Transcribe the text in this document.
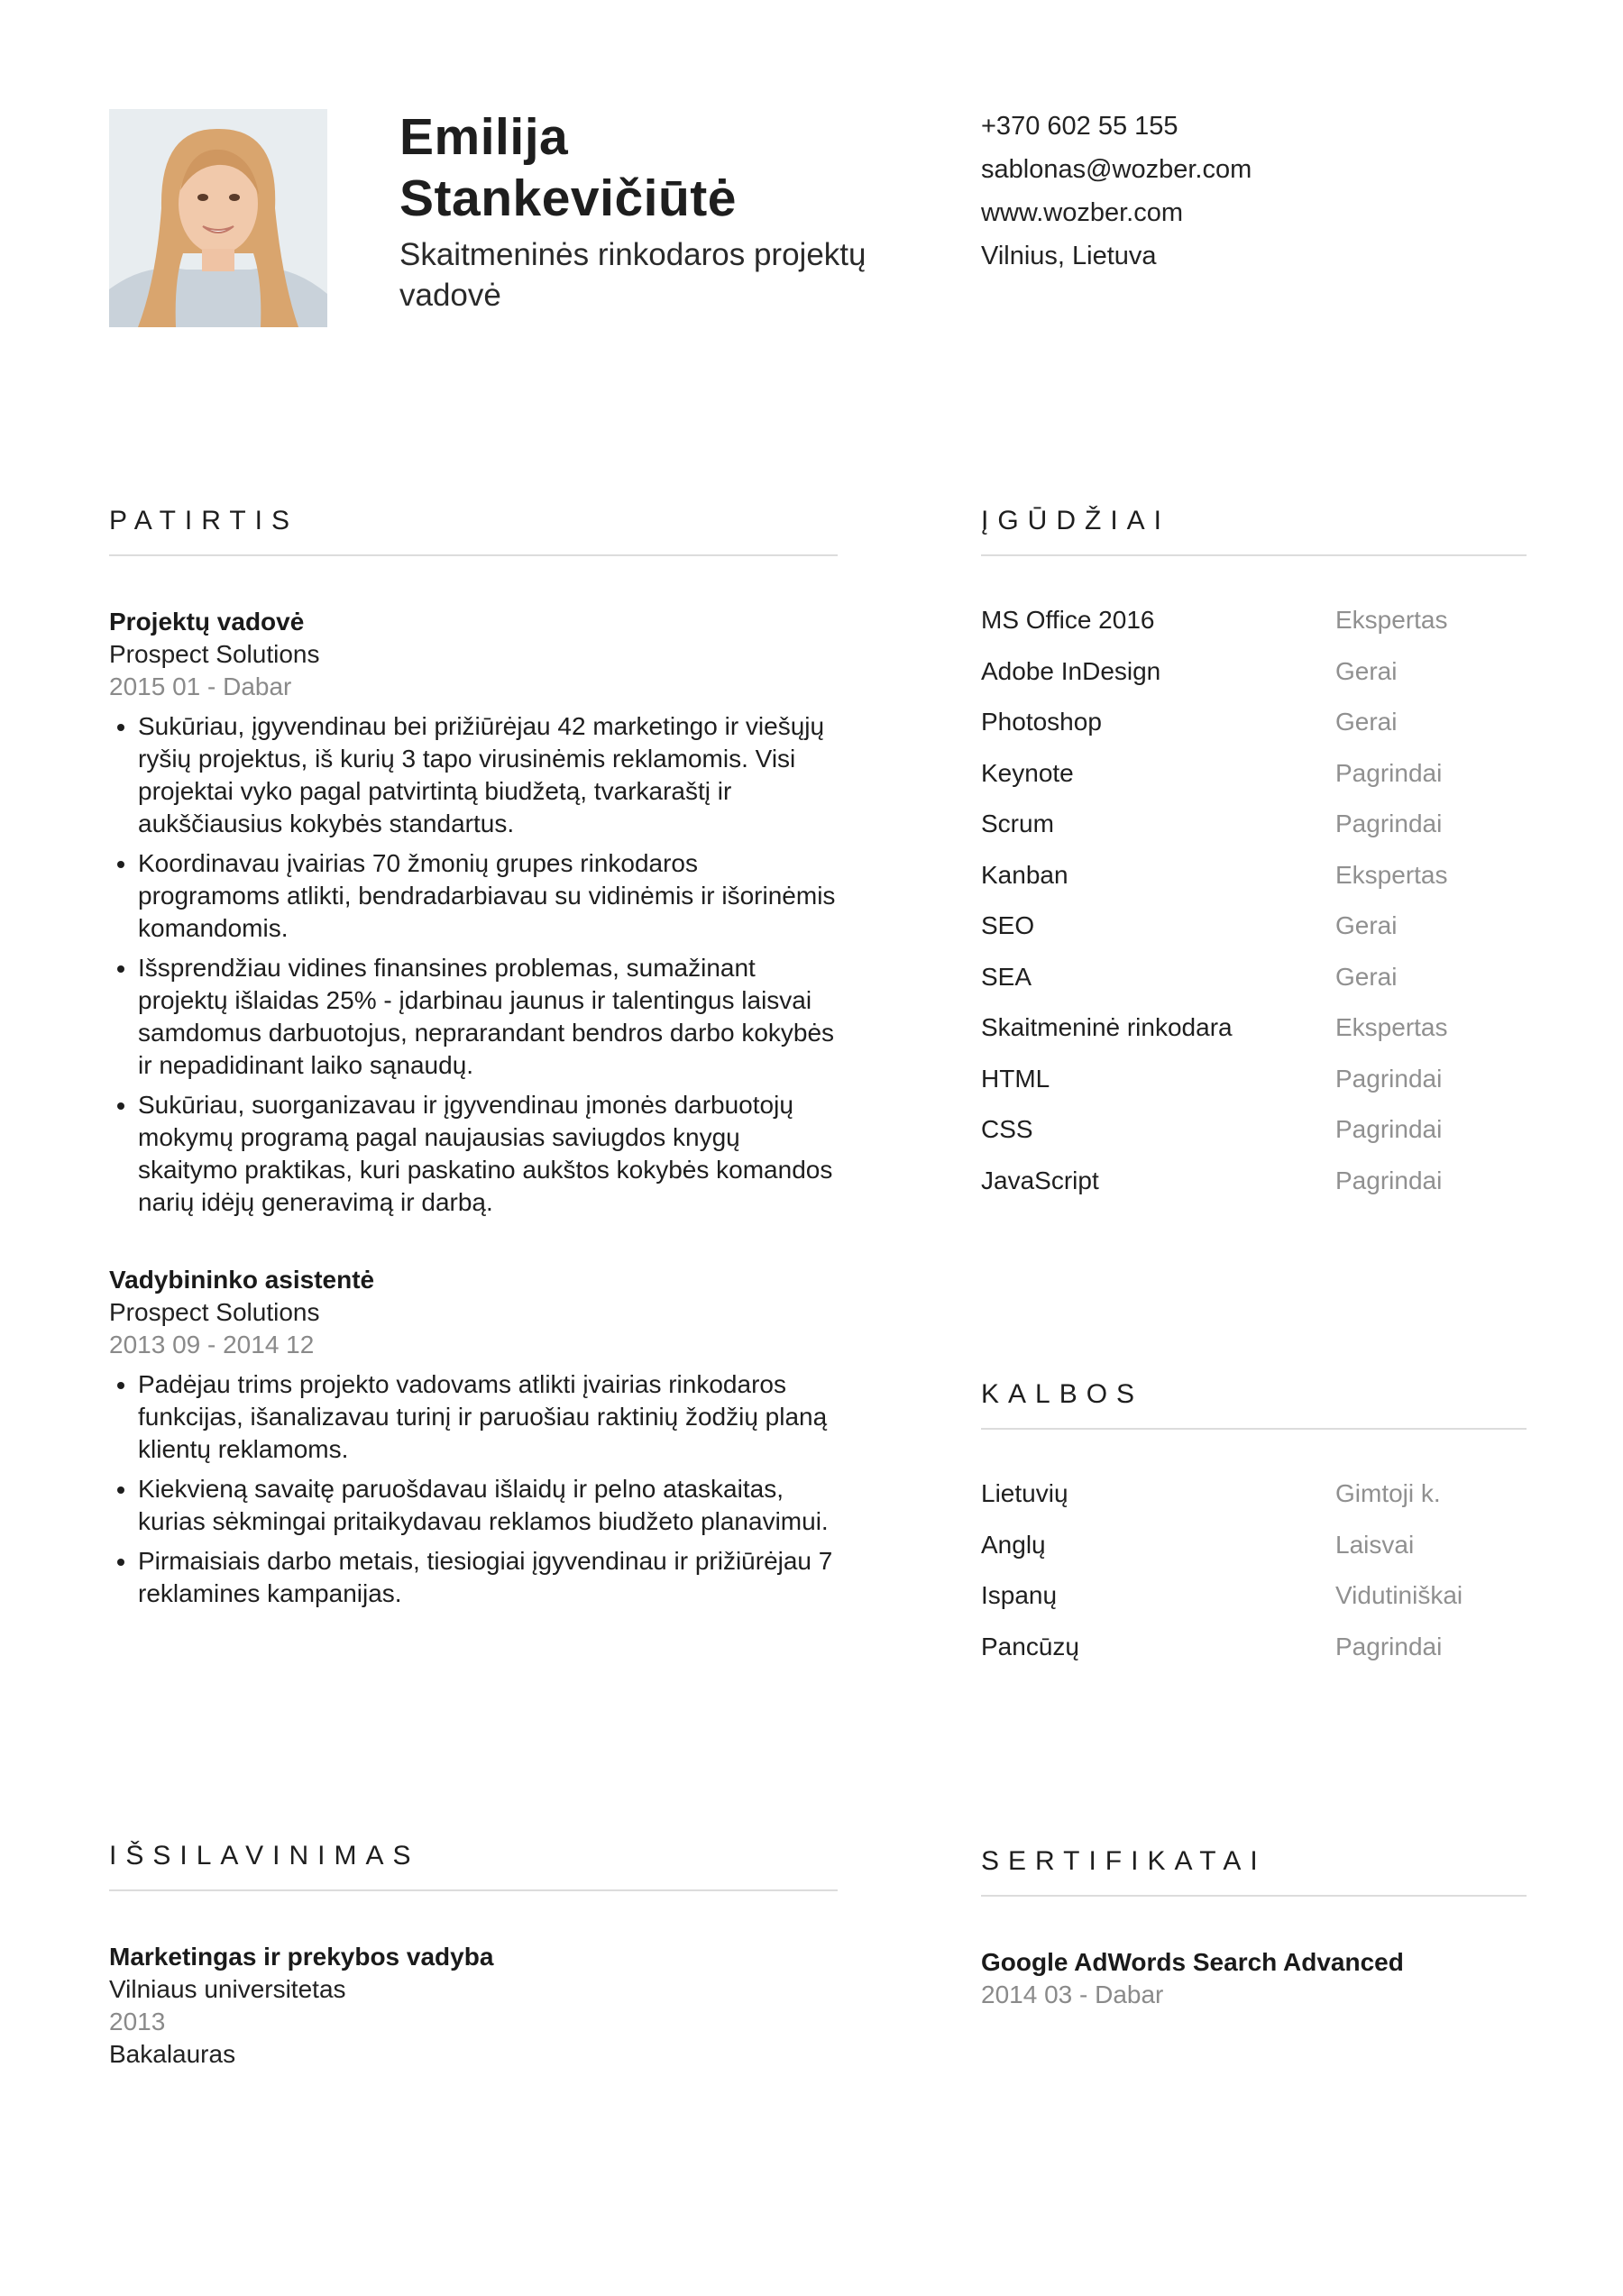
Emilija Stankevičiūtė
Skaitmeninės rinkodaros projektų vadovė
+370 602 55 155
sablonas@wozber.com
www.wozber.com
Vilnius, Lietuva
PATIRTIS
Projektų vadovė
Prospect Solutions
2015 01 - Dabar
• Sukūriau, įgyvendinau bei prižiūrėjau 42 marketingo ir viešųjų ryšių projektus, iš kurių 3 tapo virusinėmis reklamomis. Visi projektai vyko pagal patvirtintą biudžetą, tvarkaraštį ir aukščiausius kokybės standartus.
• Koordinavau įvairias 70 žmonių grupes rinkodaros programoms atlikti, bendradarbiavau su vidinėmis ir išorinėmis komandomis.
• Išsprendžiau vidines finansines problemas, sumažinant projektų išlaidas 25% - įdarbinau jaunus ir talentingus laisvai samdomus darbuotojus, neprarandant bendros darbo kokybės ir nepadidinant laiko sąnaudų.
• Sukūriau, suorganizavau ir įgyvendinau įmonės darbuotojų mokymų programą pagal naujausias saviugdos knygų skaitymo praktikas, kuri paskatino aukštos kokybės komandos narių idėjų generavimą ir darbą.
Vadybininko asistentė
Prospect Solutions
2013 09 - 2014 12
• Padėjau trims projekto vadovams atlikti įvairias rinkodaros funkcijas, išanalizavau turinį ir paruošiau raktinių žodžių planą klientų reklamoms.
• Kiekvieną savaitę paruošdavau išlaidų ir pelno ataskaitas, kurias sėkmingai pritaikydavau reklamos biudžeto planavimui.
• Pirmaisiais darbo metais, tiesiogiai įgyvendinau ir prižiūrėjau 7 reklamines kampanijas.
ĮGŪDŽIAI
MS Office 2016	Ekspertas
Adobe InDesign	Gerai
Photoshop	Gerai
Keynote	Pagrindai
Scrum	Pagrindai
Kanban	Ekspertas
SEO	Gerai
SEA	Gerai
Skaitmeninė rinkodara	Ekspertas
HTML	Pagrindai
CSS	Pagrindai
JavaScript	Pagrindai
KALBOS
Lietuvių	Gimtoji k.
Anglų	Laisvai
Ispanų	Vidutiniškai
Pancūzų	Pagrindai
IŠSILAVINIMAS
Marketingas ir prekybos vadyba
Vilniaus universitetas
2013
Bakalauras
SERTIFIKATAI
Google AdWords Search Advanced
2014 03 - Dabar
